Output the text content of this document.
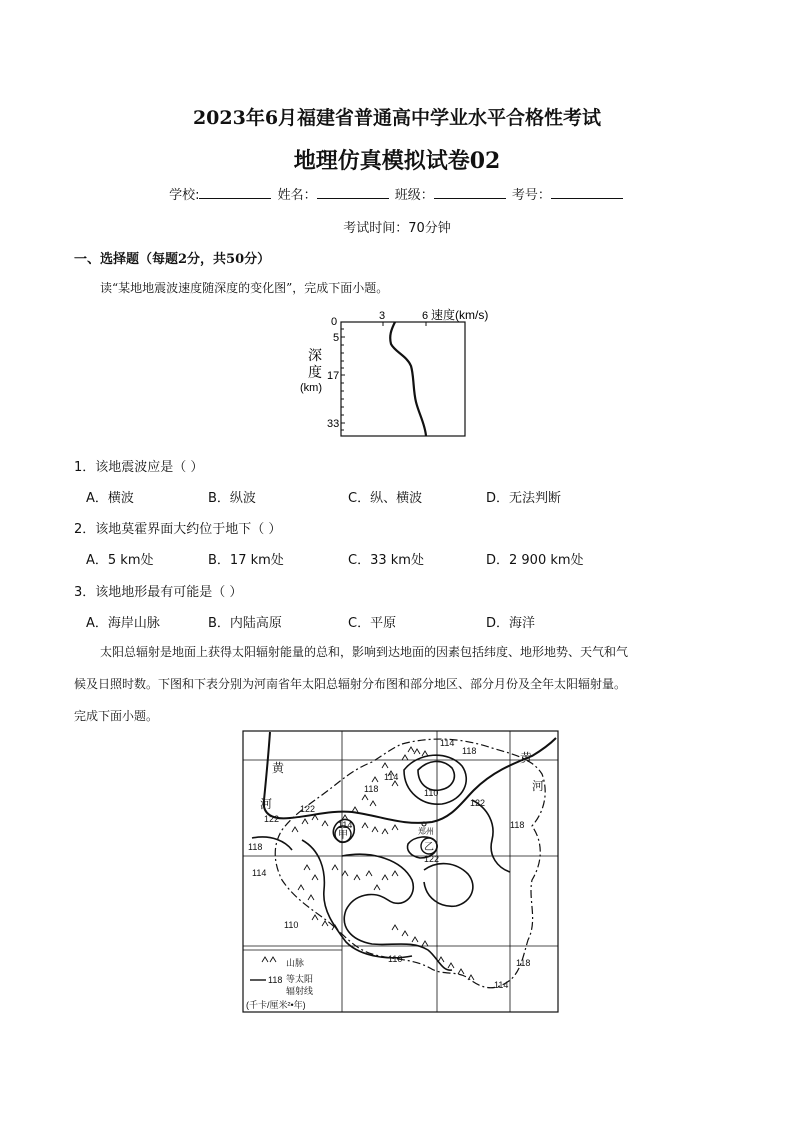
2023年6月福建省普通高中学业水平合格性考试
地理仿真模拟试卷02
学校:	姓名：	班级：	考号：
考试时间：70分钟
一、选择题（每题2分，共50分）
读“某地地震波速度随深度的变化图”，完成下面小题。
0
5
17
33
3	6 速度(km/s)
深
度
(km)
1．该地震波应是（ ）
A．横波	B．纵波	C．纵、横波	D．无法判断
2．该地莫霍界面大约位于地下（ ）
A．5 km处	B．17 km处	C．33 km处	D．2 900 km处
3．该地地形最有可能是（ ）
A．海岸山脉	B．内陆高原	C．平原	D．海洋

太阳总辐射是地面上获得太阳辐射能量的总和，影响到达地面的因素包括纬度、地形地势、天气和气

候及日照时数。下图和下表分别为河南省年太阳总辐射分布图和部分地区、部分月份及全年太阳辐射量。

完成下面小题。

黄
河
黄
河
郑州
甲
乙
114
118
114
118	110
122
122
114
122
118
122
118
114
110
110	118
114
山脉
118 等太阳
辐射线
(千卡/厘米²•年)
